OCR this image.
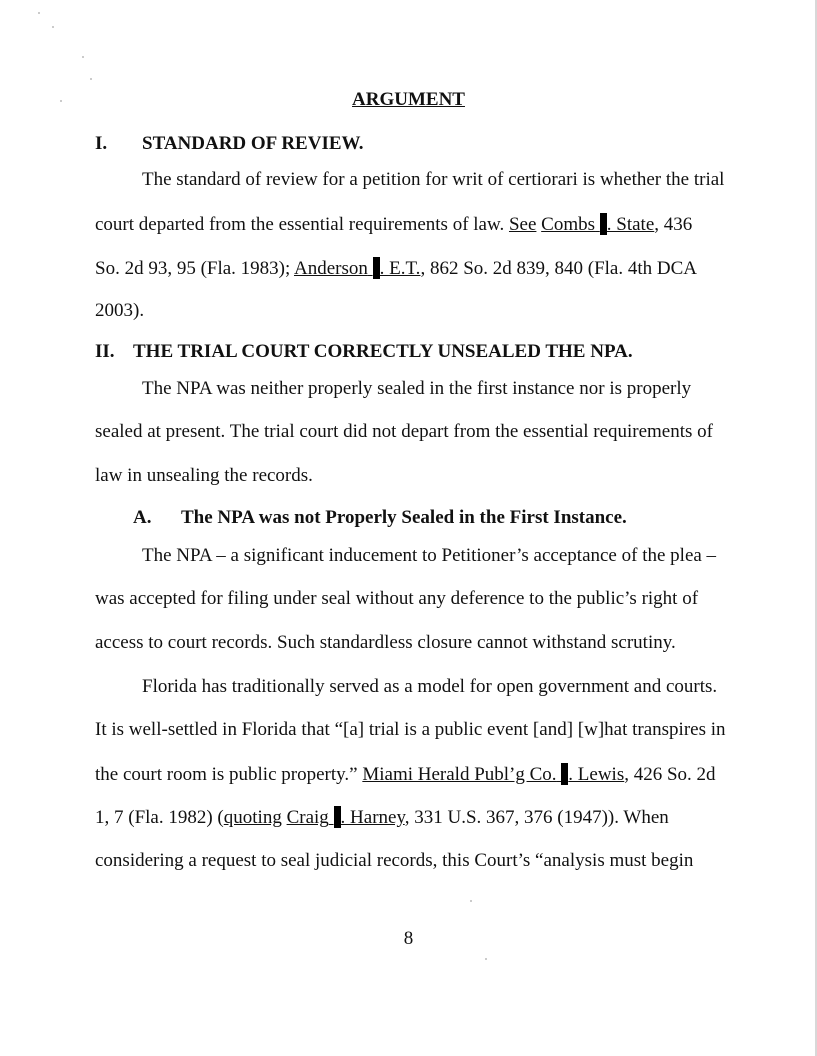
ARGUMENT
I. STANDARD OF REVIEW.
The standard of review for a petition for writ of certiorari is whether the trial
court departed from the essential requirements of law. See Combs . State, 436
So. 2d 93, 95 (Fla. 1983); Anderson . E.T., 862 So. 2d 839, 840 (Fla. 4th DCA
2003).
II. THE TRIAL COURT CORRECTLY UNSEALED THE NPA.
The NPA was neither properly sealed in the first instance nor is properly
sealed at present. The trial court did not depart from the essential requirements of
law in unsealing the records.
A. The NPA was not Properly Sealed in the First Instance.
The NPA – a significant inducement to Petitioner’s acceptance of the plea –
was accepted for filing under seal without any deference to the public’s right of
access to court records. Such standardless closure cannot withstand scrutiny.
Florida has traditionally served as a model for open government and courts.
It is well-settled in Florida that “[a] trial is a public event [and] [w]hat transpires in
the court room is public property.” Miami Herald Publ’g Co. . Lewis, 426 So. 2d
1, 7 (Fla. 1982) (quoting Craig . Harney, 331 U.S. 367, 376 (1947)). When
considering a request to seal judicial records, this Court’s “analysis must begin
8
